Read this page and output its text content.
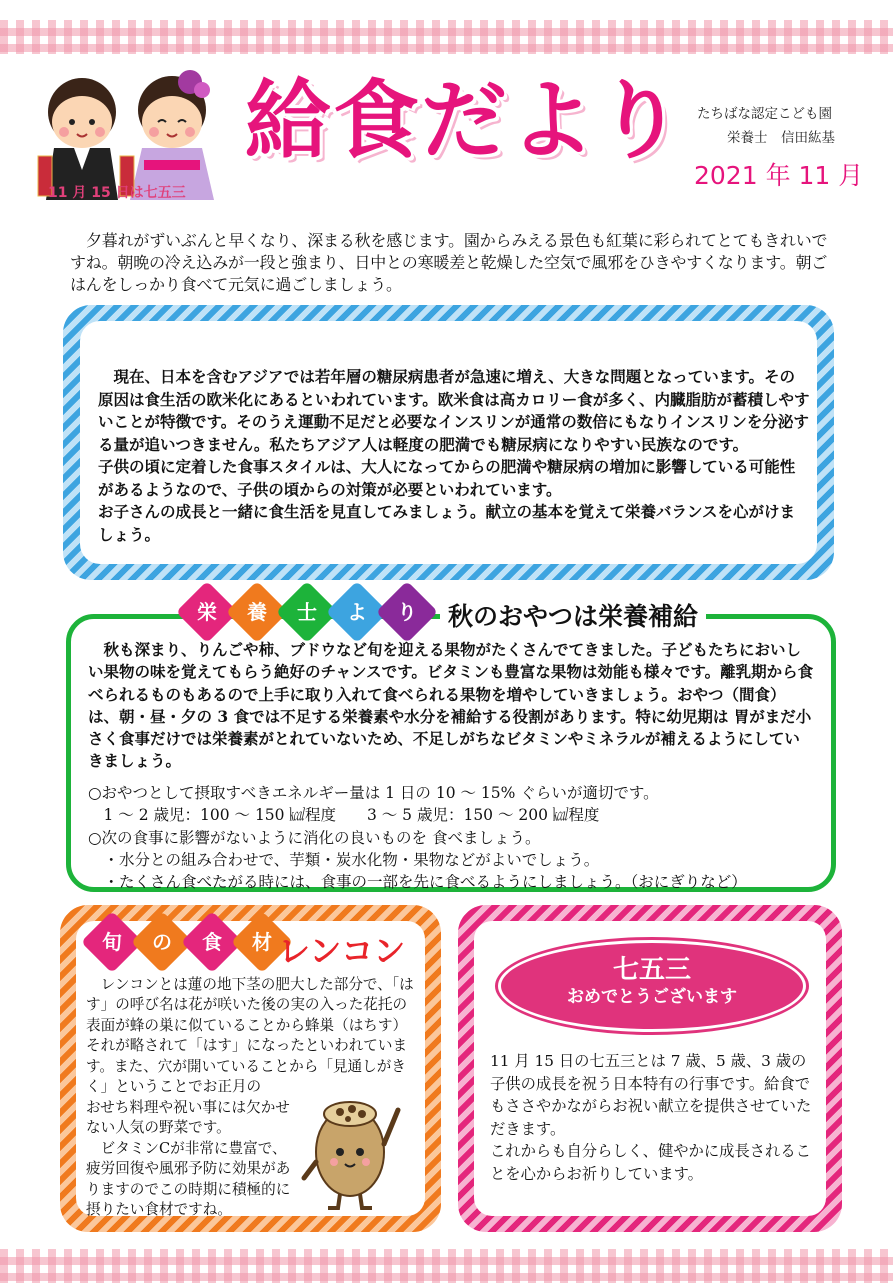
11 月 15 日は七五三
給食だより たちばな認定こども園
栄養士　信田紘基
2021 年 11 月
夕暮れがずいぶんと早くなり、深まる秋を感じます。園からみえる景色も紅葉に彩られてとてもきれいですね。朝晩の冷え込みが一段と強まり、日中との寒暖差と乾燥した空気で風邪をひきやすくなります。朝ごはんをしっかり食べて元気に過ごしましょう。

現在、日本を含むアジアでは若年層の糖尿病患者が急速に増え、大きな問題となっています。その原因は食生活の欧米化にあるといわれています。欧米食は高カロリー食が多く、内臓脂肪が蓄積しやすいことが特徴です。そのうえ運動不足だと必要なインスリンが通常の数倍にもなりインスリンを分泌する量が追いつきません。私たちアジア人は軽度の肥満でも糖尿病になりやすい民族なのです。

子供の頃に定着した食事スタイルは、大人になってからの肥満や糖尿病の増加に影響している可能性があるようなので、子供の頃からの対策が必要といわれています。

お子さんの成長と一緒に食生活を見直してみましょう。献立の基本を覚えて栄養バランスを心がけましょう。

栄	養	士	よ	り	秋のおやつは栄養補給

秋も深まり、りんごや柿、ブドウなど旬を迎える果物がたくさんでてきました。子どもたちにおいしい果物の味を覚えてもらう絶好のチャンスです。ビタミンも豊富な果物は効能も様々です。離乳期から食べられるものもあるので上手に取り入れて食べられる果物を増やしていきましょう。おやつ（間食）は、朝・昼・夕の 3 食では不足する栄養素や水分を補給する役割があります。特に幼児期は 胃がまだ小さく食事だけでは栄養素がとれていないため、不足しがちなビタミンやミネラルが補えるようにしていきましょう。

○おやつとして摂取すべきエネルギー量は 1 日の 10 ～ 15% ぐらいが適切です。
　1 ～ 2 歳児：100 ～ 150 ㎉程度　　3 ～ 5 歳児：150 ～ 200 ㎉程度
○次の食事に影響がないように消化の良いものを 食べましょう。
　・水分との組み合わせで、芋類・炭水化物・果物などがよいでしょう。
　・たくさん食べたがる時には、食事の一部を先に食べるようにしましょう。（おにぎりなど）
旬	の	食	材 レンコン

レンコンとは蓮の地下茎の肥大した部分で、「はす」の呼び名は花が咲いた後の実の入った花托の表面が蜂の巣に似ていることから蜂巣（はちす）それが略されて「はす」になったといわれています。また、穴が開いていることから「見通しがきく」ということでお正月の

おせち料理や祝い事には欠かせない人気の野菜です。

ビタミンCが非常に豊富で、疲労回復や風邪予防に効果がありますのでこの時期に積極的に摂りたい食材ですね。

七五三
おめでとうございます

11 月 15 日の七五三とは 7 歳、5 歳、3 歳の子供の成長を祝う日本特有の行事です。給食でもささやかながらお祝い献立を提供させていただきます。

これからも自分らしく、健やかに成長されることを心からお祈りしています。
